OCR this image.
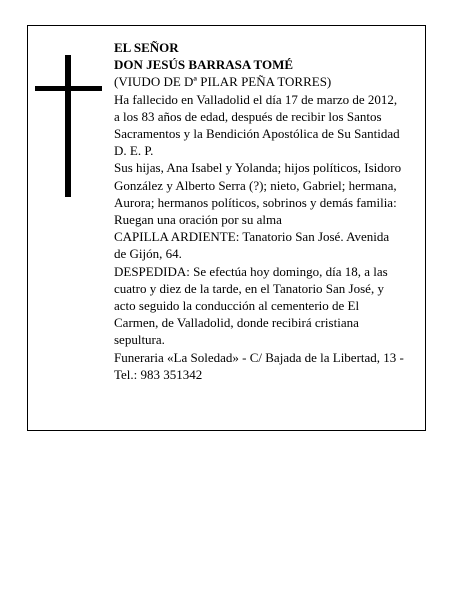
EL SEÑOR
DON JESÚS BARRASA TOMÉ
(VIUDO DE Dª PILAR PEÑA TORRES)
Ha fallecido en Valladolid el día 17 de marzo de 2012,
a los 83 años de edad, después de recibir los Santos
Sacramentos y la Bendición Apostólica de Su Santidad
D. E. P.
Sus hijas, Ana Isabel y Yolanda; hijos políticos, Isidoro
González y Alberto Serra (?); nieto, Gabriel; hermana,
Aurora; hermanos políticos, sobrinos y demás familia:
Ruegan una oración por su alma
CAPILLA ARDIENTE: Tanatorio San José. Avenida
de Gijón, 64.
DESPEDIDA: Se efectúa hoy domingo, día 18, a las
cuatro y diez de la tarde, en el Tanatorio San José, y
acto seguido la conducción al cementerio de El
Carmen, de Valladolid, donde recibirá cristiana
sepultura.
Funeraria «La Soledad» - C/ Bajada de la Libertad, 13 -
Tel.: 983 351342
